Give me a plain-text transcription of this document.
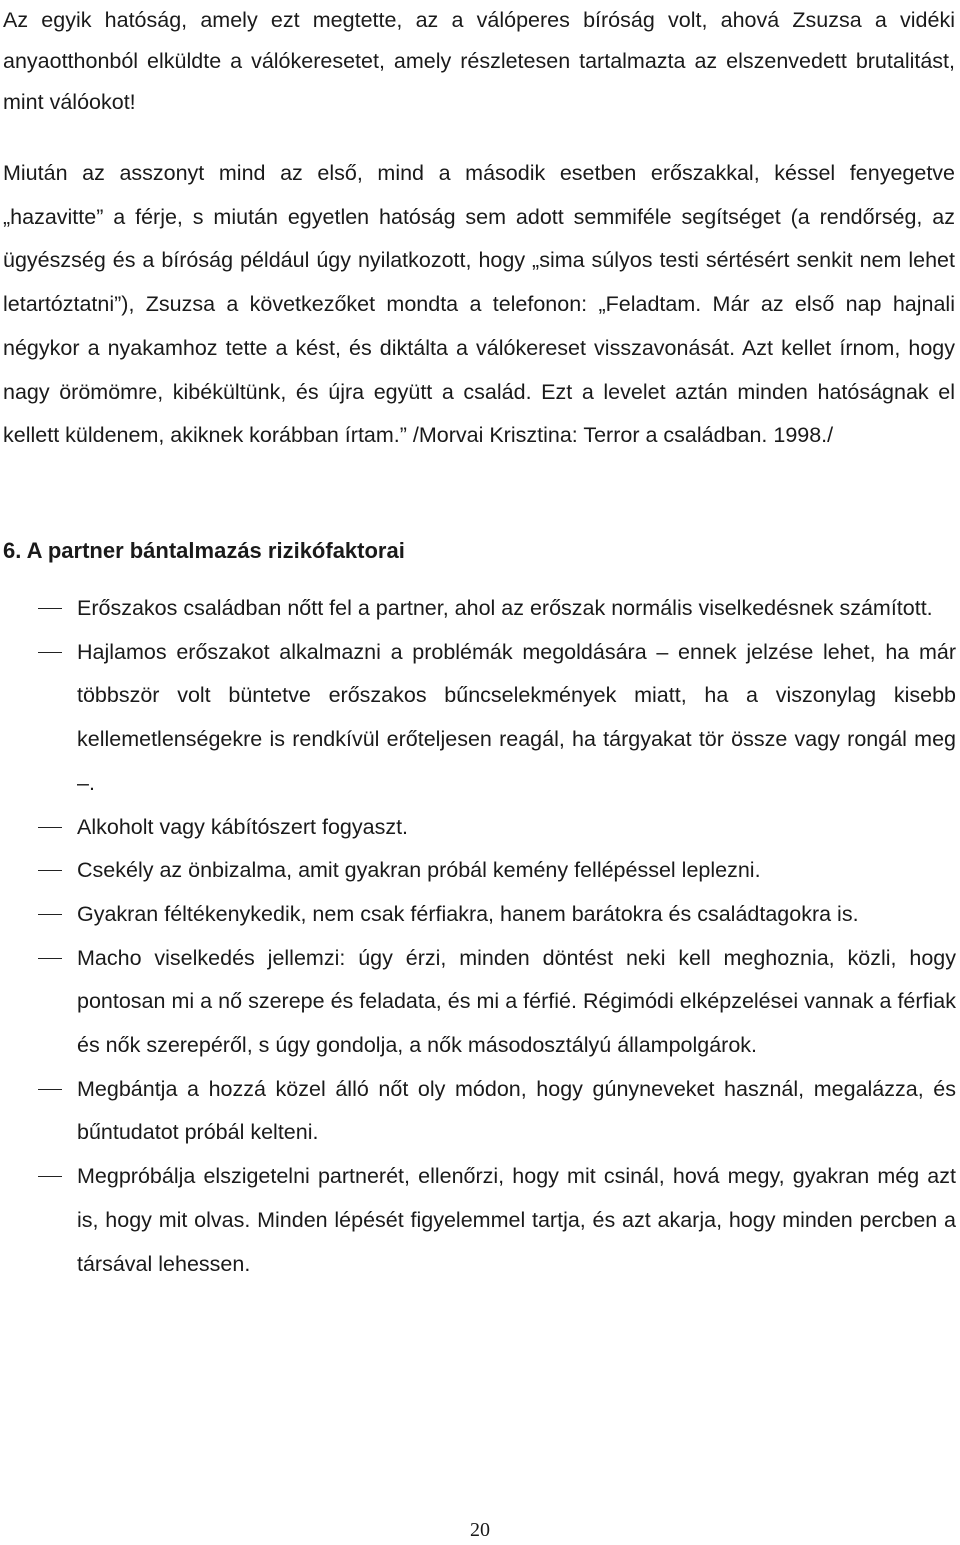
Az egyik hatóság, amely ezt megtette, az a válóperes bíróság volt, ahová Zsuzsa a vidéki anyaotthonból elküldte a válókeresetet, amely részletesen tartalmazta az elszenvedett brutalitást, mint válóokot!

Miután az asszonyt mind az első, mind a második esetben erőszakkal, késsel fenyegetve „hazavitte” a férje, s miután egyetlen hatóság sem adott semmiféle segítséget (a rendőrség, az ügyészség és a bíróság például úgy nyilatkozott, hogy „sima súlyos testi sértésért senkit nem lehet letartóztatni”), Zsuzsa a következőket mondta a telefonon: „Feladtam. Már az első nap hajnali négykor a nyakamhoz tette a kést, és diktálta a válókereset visszavonását. Azt kellet írnom, hogy nagy örömömre, kibékültünk, és újra együtt a család. Ezt a levelet aztán minden hatóságnak el kellett küldenem, akiknek korábban írtam.” /Morvai Krisztina: Terror a családban. 1998./

6. A partner bántalmazás rizikófaktorai
Erőszakos családban nőtt fel a partner, ahol az erőszak normális viselkedésnek számított.
Hajlamos erőszakot alkalmazni a problémák megoldására – ennek jelzése lehet, ha már többször volt büntetve erőszakos bűncselekmények miatt, ha a viszonylag kisebb kellemetlenségekre is rendkívül erőteljesen reagál, ha tárgyakat tör össze vagy rongál meg –.
Alkoholt vagy kábítószert fogyaszt.
Csekély az önbizalma, amit gyakran próbál kemény fellépéssel leplezni.
Gyakran féltékenykedik, nem csak férfiakra, hanem barátokra és családtagokra is.
Macho viselkedés jellemzi: úgy érzi, minden döntést neki kell meghoznia, közli, hogy pontosan mi a nő szerepe és feladata, és mi a férfié. Régimódi elképzelései vannak a férfiak és nők szerepéről, s úgy gondolja, a nők másodosztályú állampolgárok.
Megbántja a hozzá közel álló nőt oly módon, hogy gúnyneveket használ, megalázza, és bűntudatot próbál kelteni.
Megpróbálja elszigetelni partnerét, ellenőrzi, hogy mit csinál, hová megy, gyakran még azt is, hogy mit olvas. Minden lépését figyelemmel tartja, és azt akarja, hogy minden percben a társával lehessen.
20
